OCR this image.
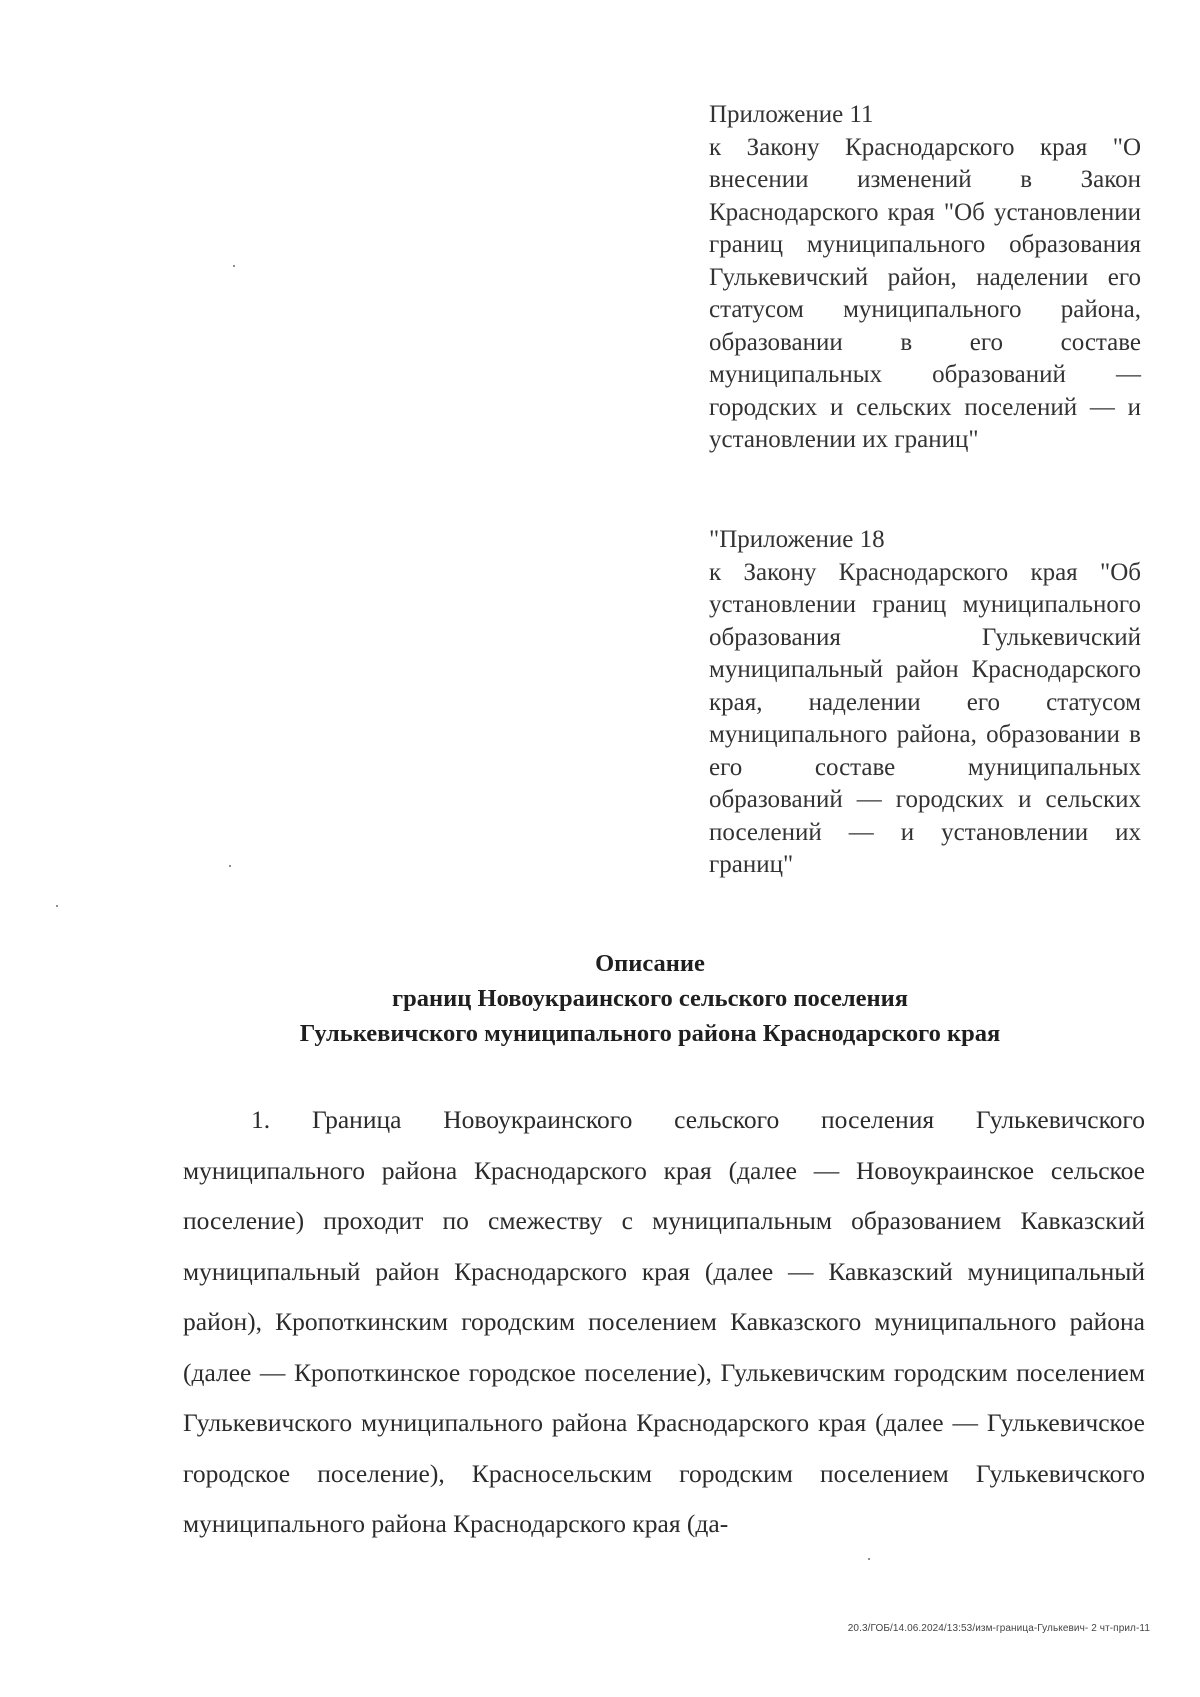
Приложение 11
к Закону Краснодарского края "О внесении изменений в Закон Краснодарского края "Об установлении границ муниципального образования Гулькевичский район, наделении его статусом муниципального района, образовании в его составе муниципальных образований — городских и сельских поселений — и установлении их границ"
"Приложение 18
к Закону Краснодарского края "Об установлении границ муниципального образования Гулькевичский муниципальный район Краснодарского края, наделении его статусом муниципального района, образовании в его составе муниципальных образований — городских и сельских поселений — и установлении их границ"
Описание
границ Новоукраинского сельского поселения
Гулькевичского муниципального района Краснодарского края

1. Граница Новоукраинского сельского поселения Гулькевичского муниципального района Краснодарского края (далее — Новоукраинское сельское поселение) проходит по смежеству с муниципальным образованием Кавказский муниципальный район Краснодарского края (далее — Кавказский муниципальный район), Кропоткинским городским поселением Кавказского муниципального района (далее — Кропоткинское городское поселение), Гулькевичским городским поселением Гулькевичского муниципального района Краснодарского края (далее — Гулькевичское городское поселение), Красносельским городским поселением Гулькевичского муниципального района Краснодарского края (да-

20.3/ГОБ/14.06.2024/13:53/изм-граница-Гулькевич- 2 чт-прил-11
